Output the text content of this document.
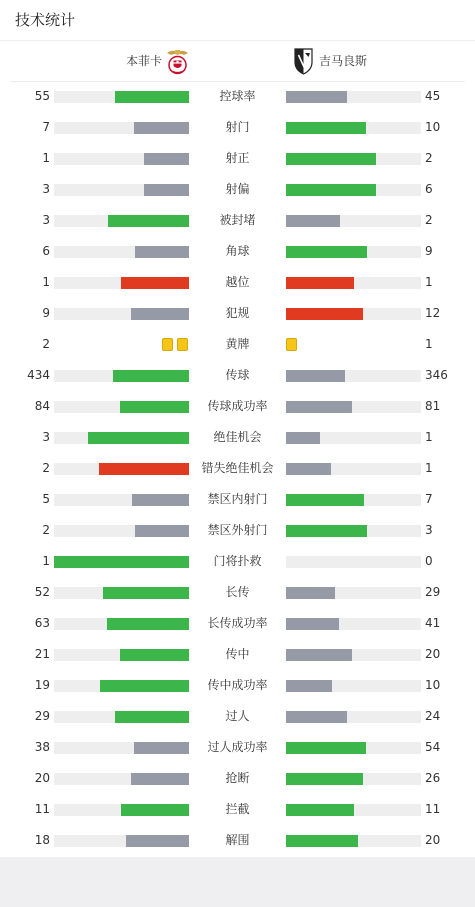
技术统计
本菲卡	吉马良斯
55	控球率	45
7	射门	10
1	射正	2
3	射偏	6
3	被封堵	2
6	角球	9
1	越位	1
9	犯规	12
2	黄牌	1
434	传球	346
84	传球成功率	81
3	绝佳机会	1
2	错失绝佳机会	1
5	禁区内射门	7
2	禁区外射门	3
1	门将扑救	0
52	长传	29
63	长传成功率	41
21	传中	20
19	传中成功率	10
29	过人	24
38	过人成功率	54
20	抢断	26
11	拦截	11
18	解围	20
